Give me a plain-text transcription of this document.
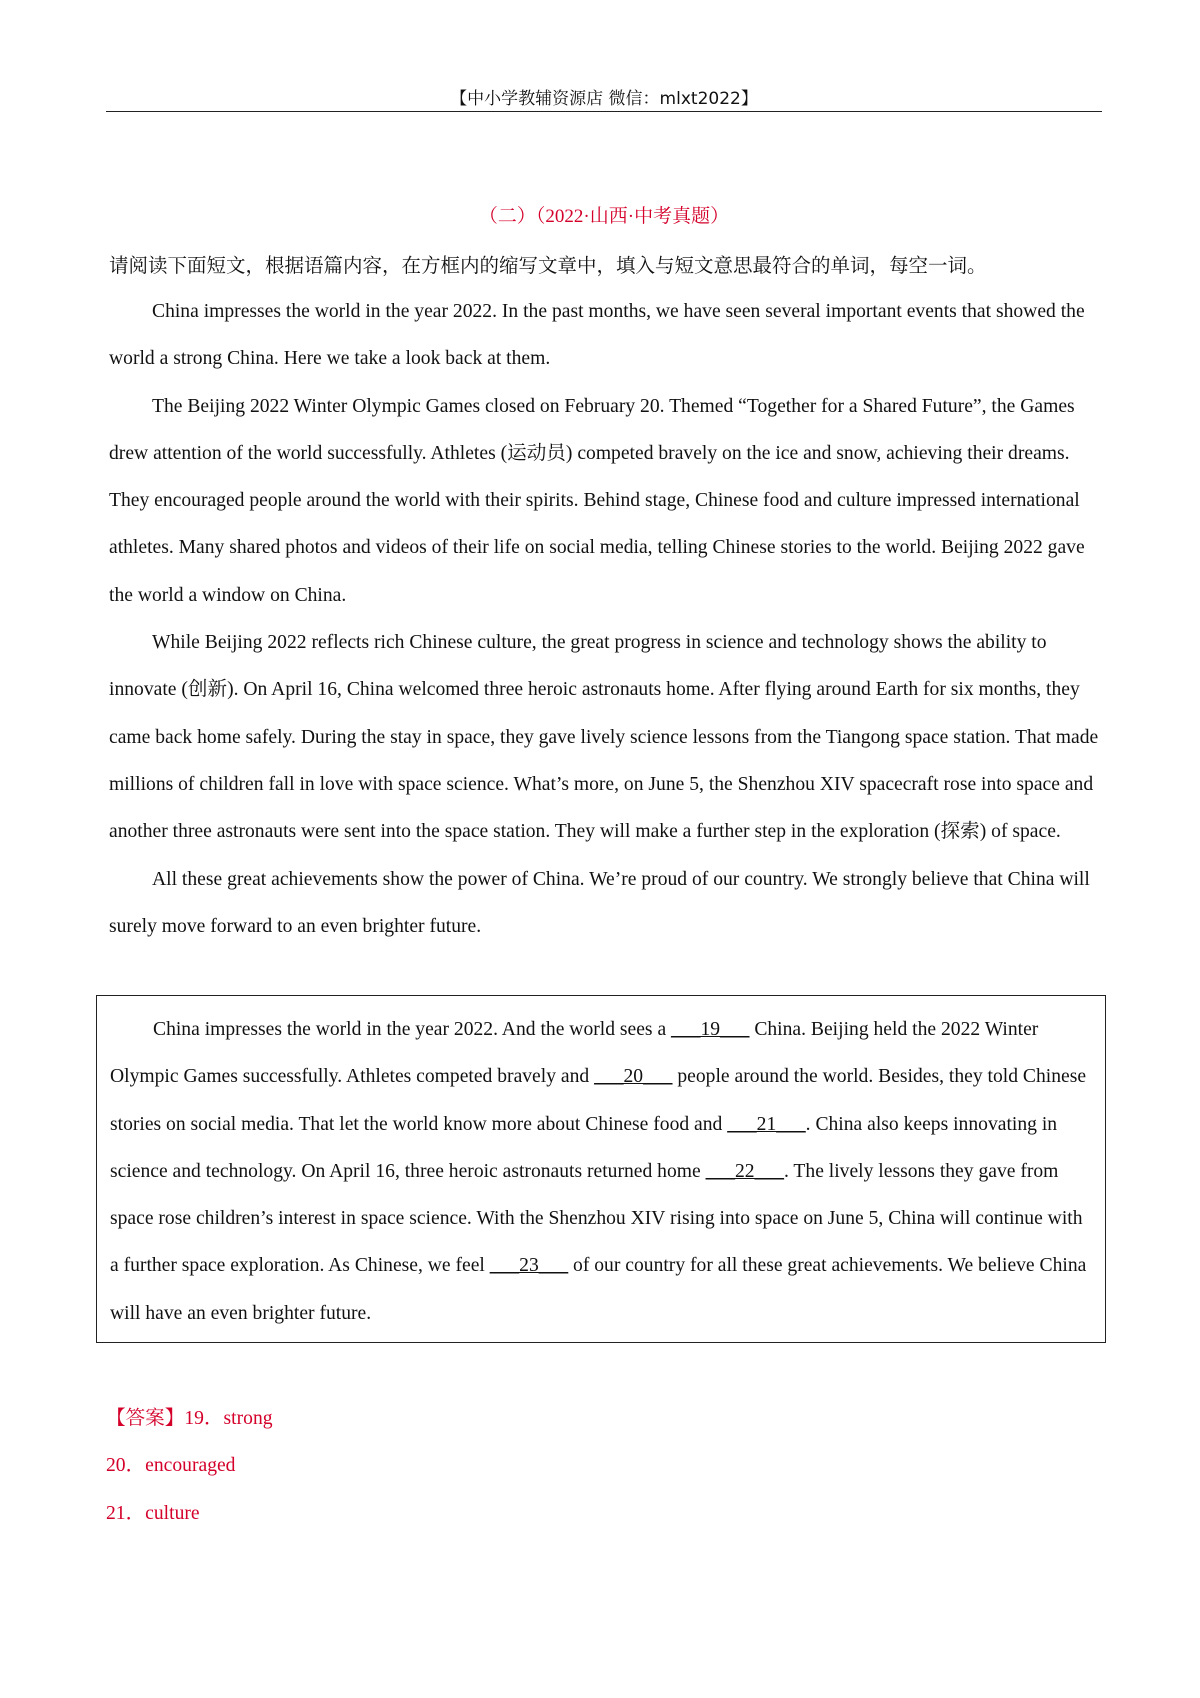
【中小学教辅资源店 微信：mlxt2022】
（二）（2022·山西·中考真题）
请阅读下面短文，根据语篇内容，在方框内的缩写文章中，填入与短文意思最符合的单词，每空一词。

China impresses the world in the year 2022. In the past months, we have seen several important events that showed the world a strong China. Here we take a look back at them.

The Beijing 2022 Winter Olympic Games closed on February 20. Themed “Together for a Shared Future”, the Games drew attention of the world successfully. Athletes (运动员) competed bravely on the ice and snow, achieving their dreams. They encouraged people around the world with their spirits. Behind stage, Chinese food and culture impressed international athletes. Many shared photos and videos of their life on social media, telling Chinese stories to the world. Beijing 2022 gave the world a window on China.

While Beijing 2022 reflects rich Chinese culture, the great progress in science and technology shows the ability to innovate (创新). On April 16, China welcomed three heroic astronauts home. After flying around Earth for six months, they came back home safely. During the stay in space, they gave lively science lessons from the Tiangong space station. That made millions of children fall in love with space science. What’s more, on June 5, the Shenzhou XIV spacecraft rose into space and another three astronauts were sent into the space station. They will make a further step in the exploration (探索) of space.

All these great achievements show the power of China. We’re proud of our country. We strongly believe that China will surely move forward to an even brighter future.

China impresses the world in the year 2022. And the world sees a ___19___ China. Beijing held the 2022 Winter Olympic Games successfully. Athletes competed bravely and ___20___ people around the world. Besides, they told Chinese stories on social media. That let the world know more about Chinese food and ___21___. China also keeps innovating in science and technology. On April 16, three heroic astronauts returned home ___22___. The lively lessons they gave from space rose children’s interest in space science. With the Shenzhou XIV rising into space on June 5, China will continue with a further space exploration. As Chinese, we feel ___23___ of our country for all these great achievements. We believe China will have an even brighter future.

【答案】19．strong
20．encouraged
21．culture
